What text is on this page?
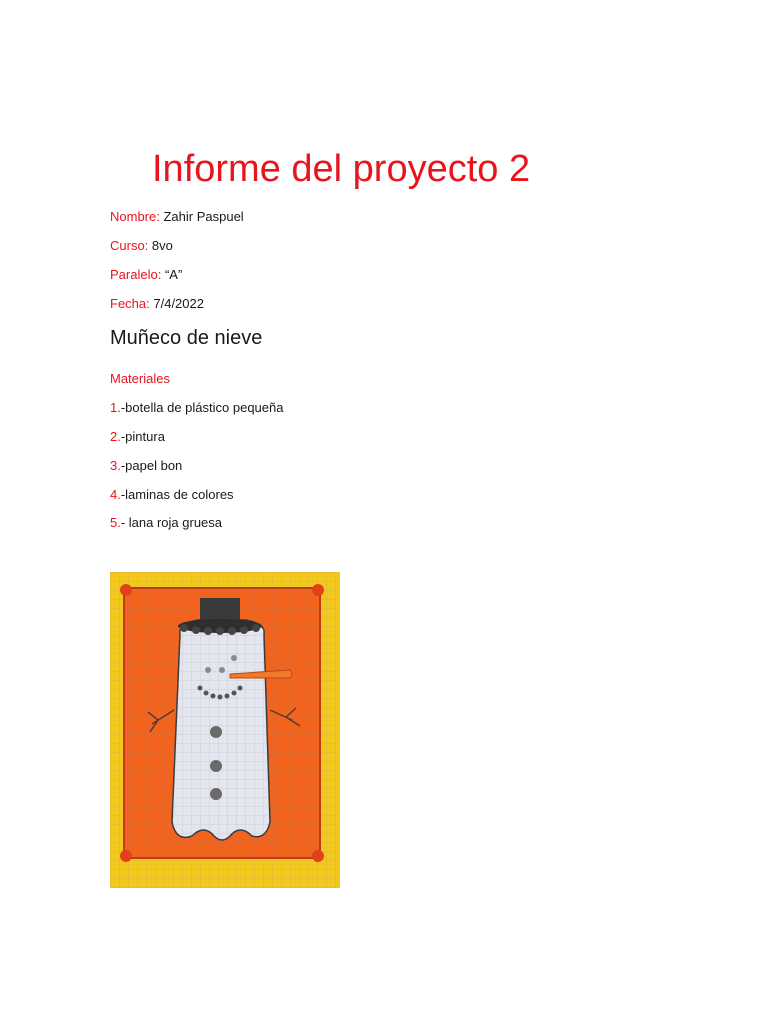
Informe del proyecto 2
Nombre: Zahir Paspuel
Curso: 8vo
Paralelo: “A”
Fecha: 7/4/2022
Muñeco de nieve
Materiales
1.-botella de plástico pequeña
2.-pintura
3.-papel bon
4.-laminas de colores
5.- lana roja gruesa
